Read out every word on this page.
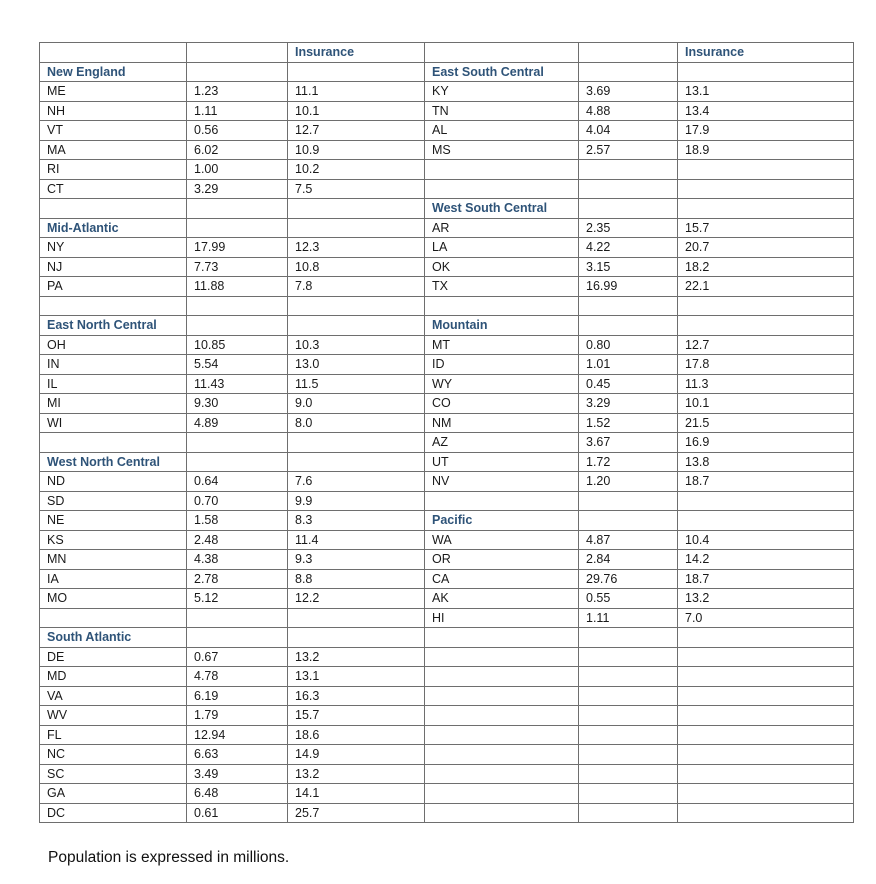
		Insurance			Insurance
New England			East South Central		
ME	1.23	11.1	KY	3.69	13.1
NH	1.11	10.1	TN	4.88	13.4
VT	0.56	12.7	AL	4.04	17.9
MA	6.02	10.9	MS	2.57	18.9
RI	1.00	10.2			
CT	3.29	7.5			
			West South Central		
Mid-Atlantic			AR	2.35	15.7
NY	17.99	12.3	LA	4.22	20.7
NJ	7.73	10.8	OK	3.15	18.2
PA	11.88	7.8	TX	16.99	22.1

East North Central			Mountain		
OH	10.85	10.3	MT	0.80	12.7
IN	5.54	13.0	ID	1.01	17.8
IL	11.43	11.5	WY	0.45	11.3
MI	9.30	9.0	CO	3.29	10.1
WI	4.89	8.0	NM	1.52	21.5
			AZ	3.67	16.9
West North Central			UT	1.72	13.8
ND	0.64	7.6	NV	1.20	18.7
SD	0.70	9.9			
NE	1.58	8.3	Pacific		
KS	2.48	11.4	WA	4.87	10.4
MN	4.38	9.3	OR	2.84	14.2
IA	2.78	8.8	CA	29.76	18.7
MO	5.12	12.2	AK	0.55	13.2
			HI	1.11	7.0
South Atlantic					
DE	0.67	13.2			
MD	4.78	13.1			
VA	6.19	16.3			
WV	1.79	15.7			
FL	12.94	18.6			
NC	6.63	14.9			
SC	3.49	13.2			
GA	6.48	14.1			
DC	0.61	25.7			
Population is expressed in millions.
